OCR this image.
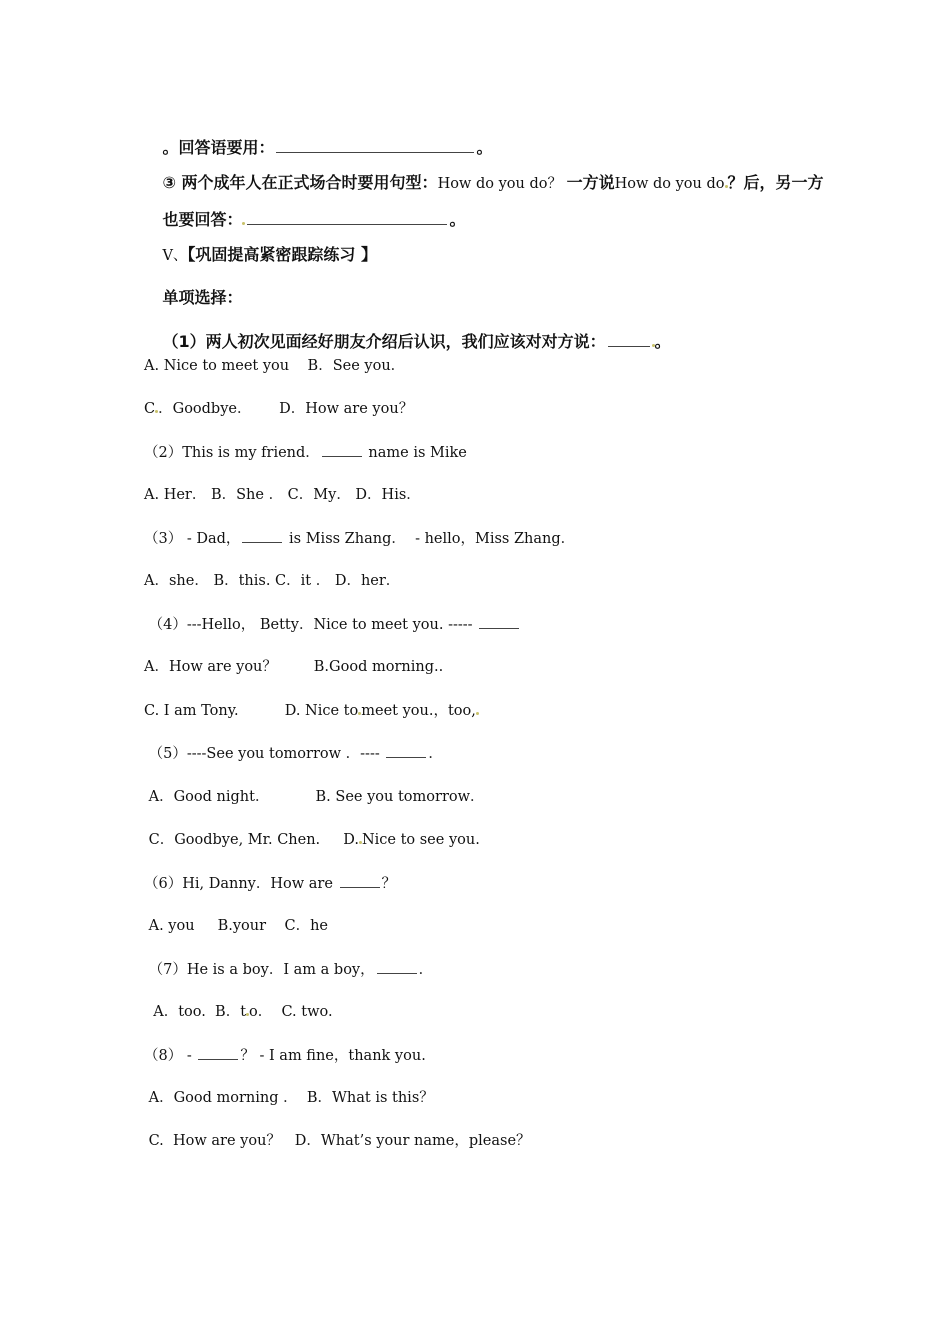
。回答语要用：	。

③ 两个成年人在正式场合时要用句型：How do you do？ 一方说How do you do ？后，另一方

也要回答：	。

V、【巩固提高紧密跟踪练习 】

单项选择：

（1）两人初次见面经好朋友介绍后认识，我们应该对对方说：	。

A. Nice to meet you    B．See you．
C ．Goodbye．      D．How are you？
（2）This is my friend．	name is Mike
A. Her． B．She ． C．My． D．His．
（3） - Dad，	is Miss Zhang．  - hello，Miss Zhang．
A．she． B．this. C．it ． D．her．
（4）---Hello， Betty．Nice to meet you. -----
A．How are you？        B.Good morning..
C. I am Tony.          D. Nice to meet you.，too,
（5）----See you tomorrow ．----	．
A．Good night．          B. See you tomorrow．
C．Goodbye, Mr. Chen.     D. Nice to see you.
（6）Hi, Danny．How are	？
A. you     B.your    C．he
（7）He is a boy．I am a boy，	．
A．too.  B．t o．  C. two.
（8） -	？ - I am fine，thank you.
A．Good morning ．  B．What is this？
C.  How are you？   D．What’s your name，please？
